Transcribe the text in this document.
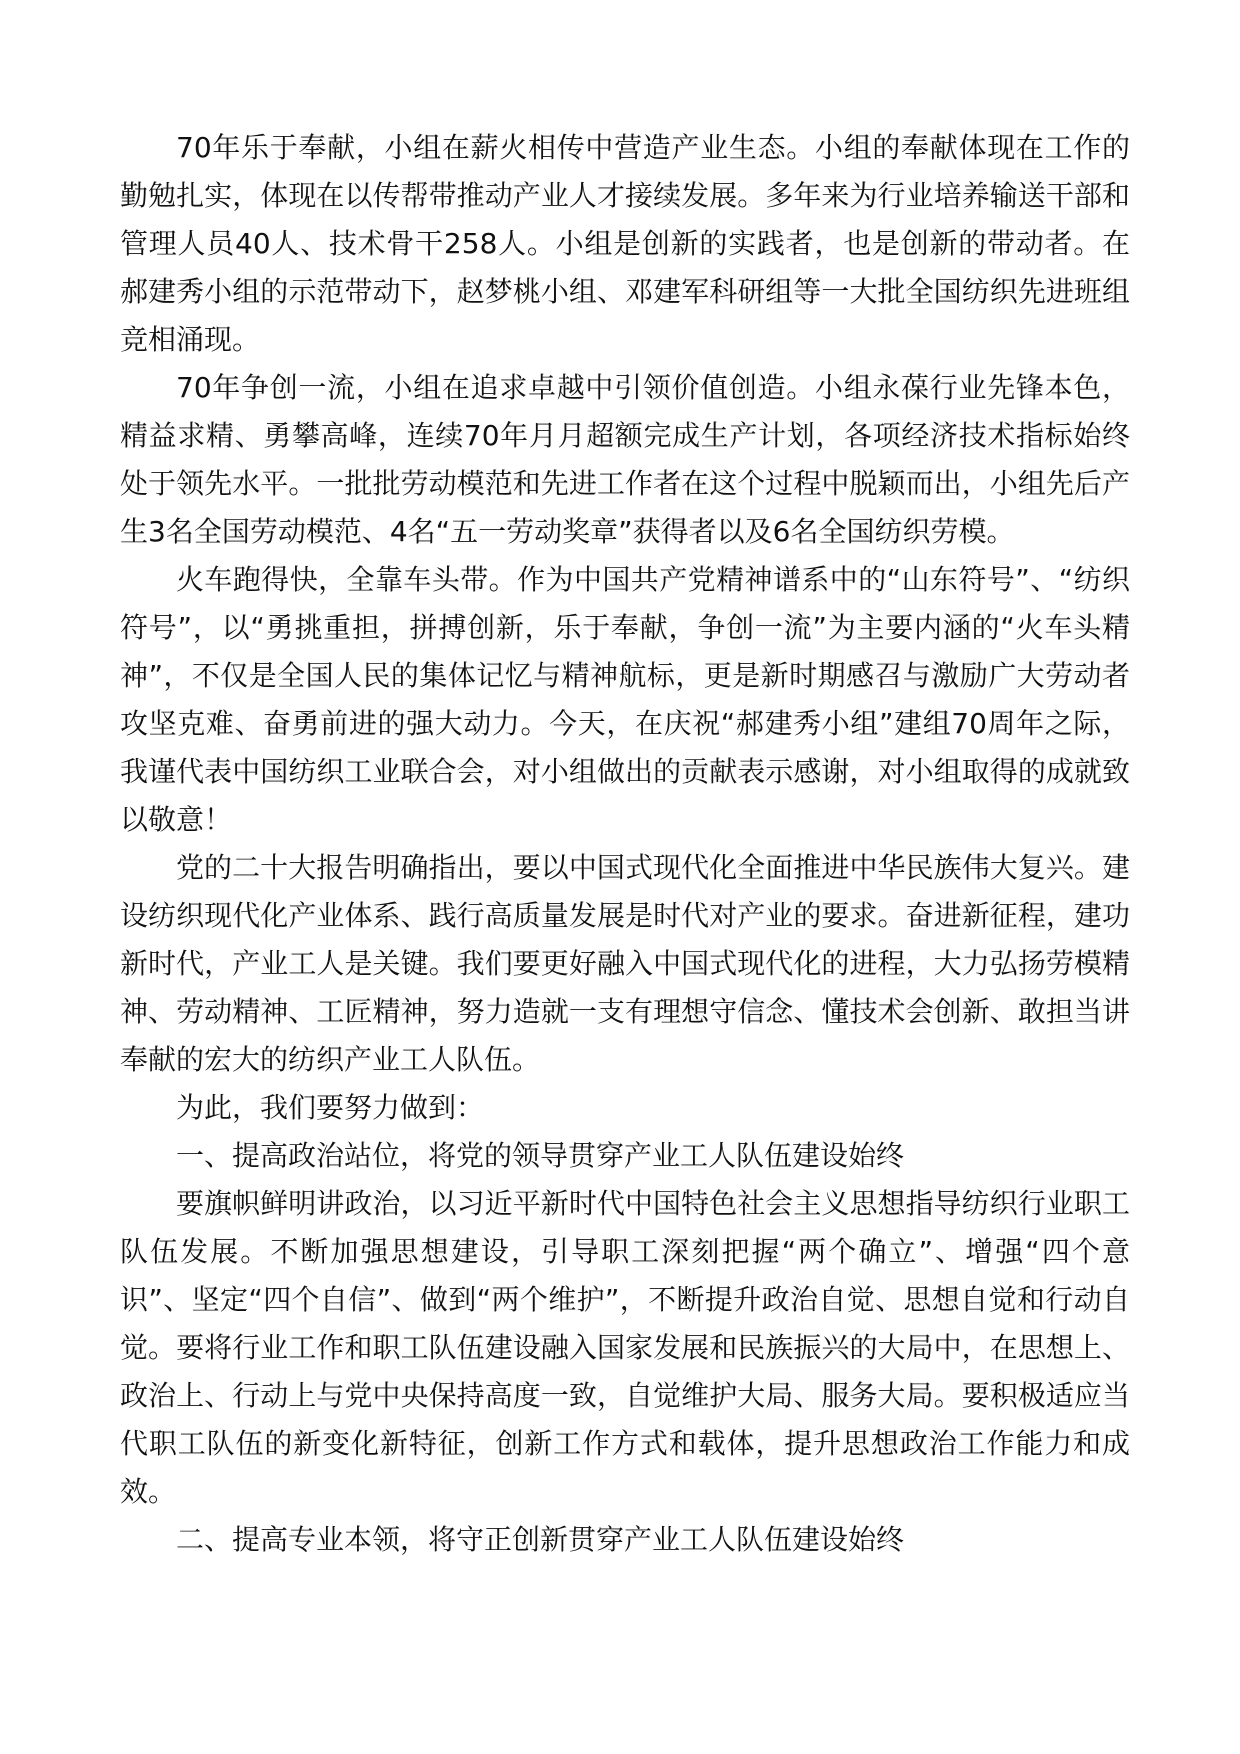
70年乐于奉献，小组在薪火相传中营造产业生态。小组的奉献体现在工作的勤勉扎实，体现在以传帮带推动产业人才接续发展。多年来为行业培养输送干部和管理人员40人、技术骨干258人。小组是创新的实践者，也是创新的带动者。在郝建秀小组的示范带动下，赵梦桃小组、邓建军科研组等一大批全国纺织先进班组竞相涌现。

70年争创一流，小组在追求卓越中引领价值创造。小组永葆行业先锋本色，精益求精、勇攀高峰，连续70年月月超额完成生产计划，各项经济技术指标始终处于领先水平。一批批劳动模范和先进工作者在这个过程中脱颖而出，小组先后产生3名全国劳动模范、4名“五一劳动奖章”获得者以及6名全国纺织劳模。

火车跑得快，全靠车头带。作为中国共产党精神谱系中的“山东符号”、“纺织符号”，以“勇挑重担，拼搏创新，乐于奉献，争创一流”为主要内涵的“火车头精神”，不仅是全国人民的集体记忆与精神航标，更是新时期感召与激励广大劳动者攻坚克难、奋勇前进的强大动力。今天，在庆祝“郝建秀小组”建组70周年之际，我谨代表中国纺织工业联合会，对小组做出的贡献表示感谢，对小组取得的成就致以敬意！

党的二十大报告明确指出，要以中国式现代化全面推进中华民族伟大复兴。建设纺织现代化产业体系、践行高质量发展是时代对产业的要求。奋进新征程，建功新时代，产业工人是关键。我们要更好融入中国式现代化的进程，大力弘扬劳模精神、劳动精神、工匠精神，努力造就一支有理想守信念、懂技术会创新、敢担当讲奉献的宏大的纺织产业工人队伍。

为此，我们要努力做到：

一、提高政治站位，将党的领导贯穿产业工人队伍建设始终

要旗帜鲜明讲政治，以习近平新时代中国特色社会主义思想指导纺织行业职工队伍发展。不断加强思想建设，引导职工深刻把握“两个确立”、增强“四个意识”、坚定“四个自信”、做到“两个维护”，不断提升政治自觉、思想自觉和行动自觉。要将行业工作和职工队伍建设融入国家发展和民族振兴的大局中，在思想上、政治上、行动上与党中央保持高度一致，自觉维护大局、服务大局。要积极适应当代职工队伍的新变化新特征，创新工作方式和载体，提升思想政治工作能力和成效。

二、提高专业本领，将守正创新贯穿产业工人队伍建设始终
